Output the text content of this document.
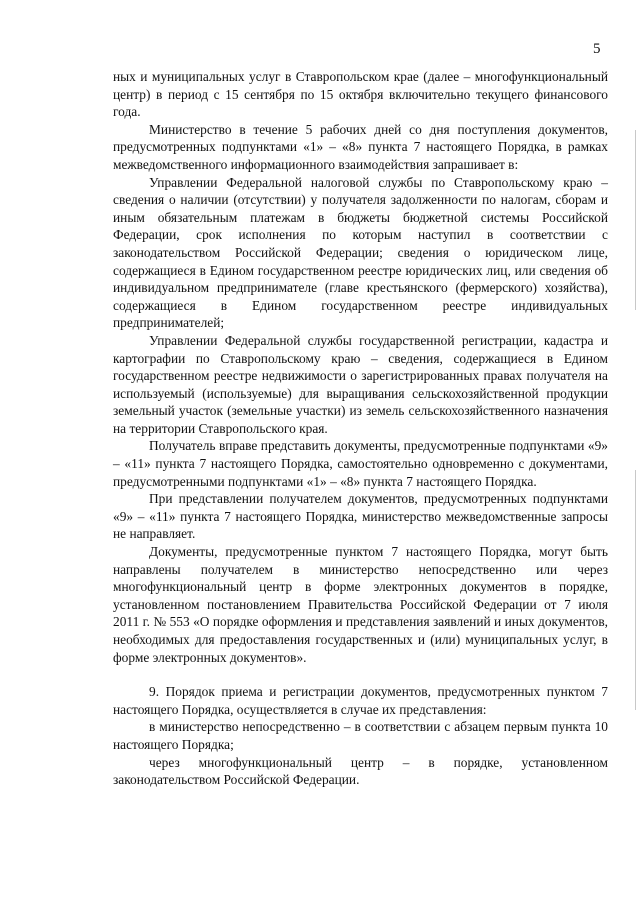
5

ных и муниципальных услуг в Ставропольском крае (далее – многофункциональный центр) в период с 15 сентября по 15 октября включительно текущего финансового года.

Министерство в течение 5 рабочих дней со дня поступления документов, предусмотренных подпунктами «1» – «8» пункта 7 настоящего Порядка, в рамках межведомственного информационного взаимодействия запрашивает в:

Управлении Федеральной налоговой службы по Ставропольскому краю – сведения о наличии (отсутствии) у получателя задолженности по налогам, сборам и иным обязательным платежам в бюджеты бюджетной системы Российской Федерации, срок исполнения по которым наступил в соответствии с законодательством Российской Федерации; сведения о юридическом лице, содержащиеся в Едином государственном реестре юридических лиц, или сведения об индивидуальном предпринимателе (главе крестьянского (фермерского) хозяйства), содержащиеся в Едином государственном реестре индивидуальных предпринимателей;

Управлении Федеральной службы государственной регистрации, кадастра и картографии по Ставропольскому краю – сведения, содержащиеся в Едином государственном реестре недвижимости о зарегистрированных правах получателя на используемый (используемые) для выращивания сельскохозяйственной продукции земельный участок (земельные участки) из земель сельскохозяйственного назначения на территории Ставропольского края.

Получатель вправе представить документы, предусмотренные подпунктами «9» – «11» пункта 7 настоящего Порядка, самостоятельно одновременно с документами, предусмотренными подпунктами «1» – «8» пункта 7 настоящего Порядка.

При представлении получателем документов, предусмотренных подпунктами «9» – «11» пункта 7 настоящего Порядка, министерство межведомственные запросы не направляет.

Документы, предусмотренные пунктом 7 настоящего Порядка, могут быть направлены получателем в министерство непосредственно или через многофункциональный центр в форме электронных документов в порядке, установленном постановлением Правительства Российской Федерации от 7 июля 2011 г. № 553 «О порядке оформления и представления заявлений и иных документов, необходимых для предоставления государственных и (или) муниципальных услуг, в форме электронных документов».

9. Порядок приема и регистрации документов, предусмотренных пунктом 7 настоящего Порядка, осуществляется в случае их представления:

в министерство непосредственно – в соответствии с абзацем первым пункта 10 настоящего Порядка;

через многофункциональный центр – в порядке, установленном законодательством Российской Федерации.
